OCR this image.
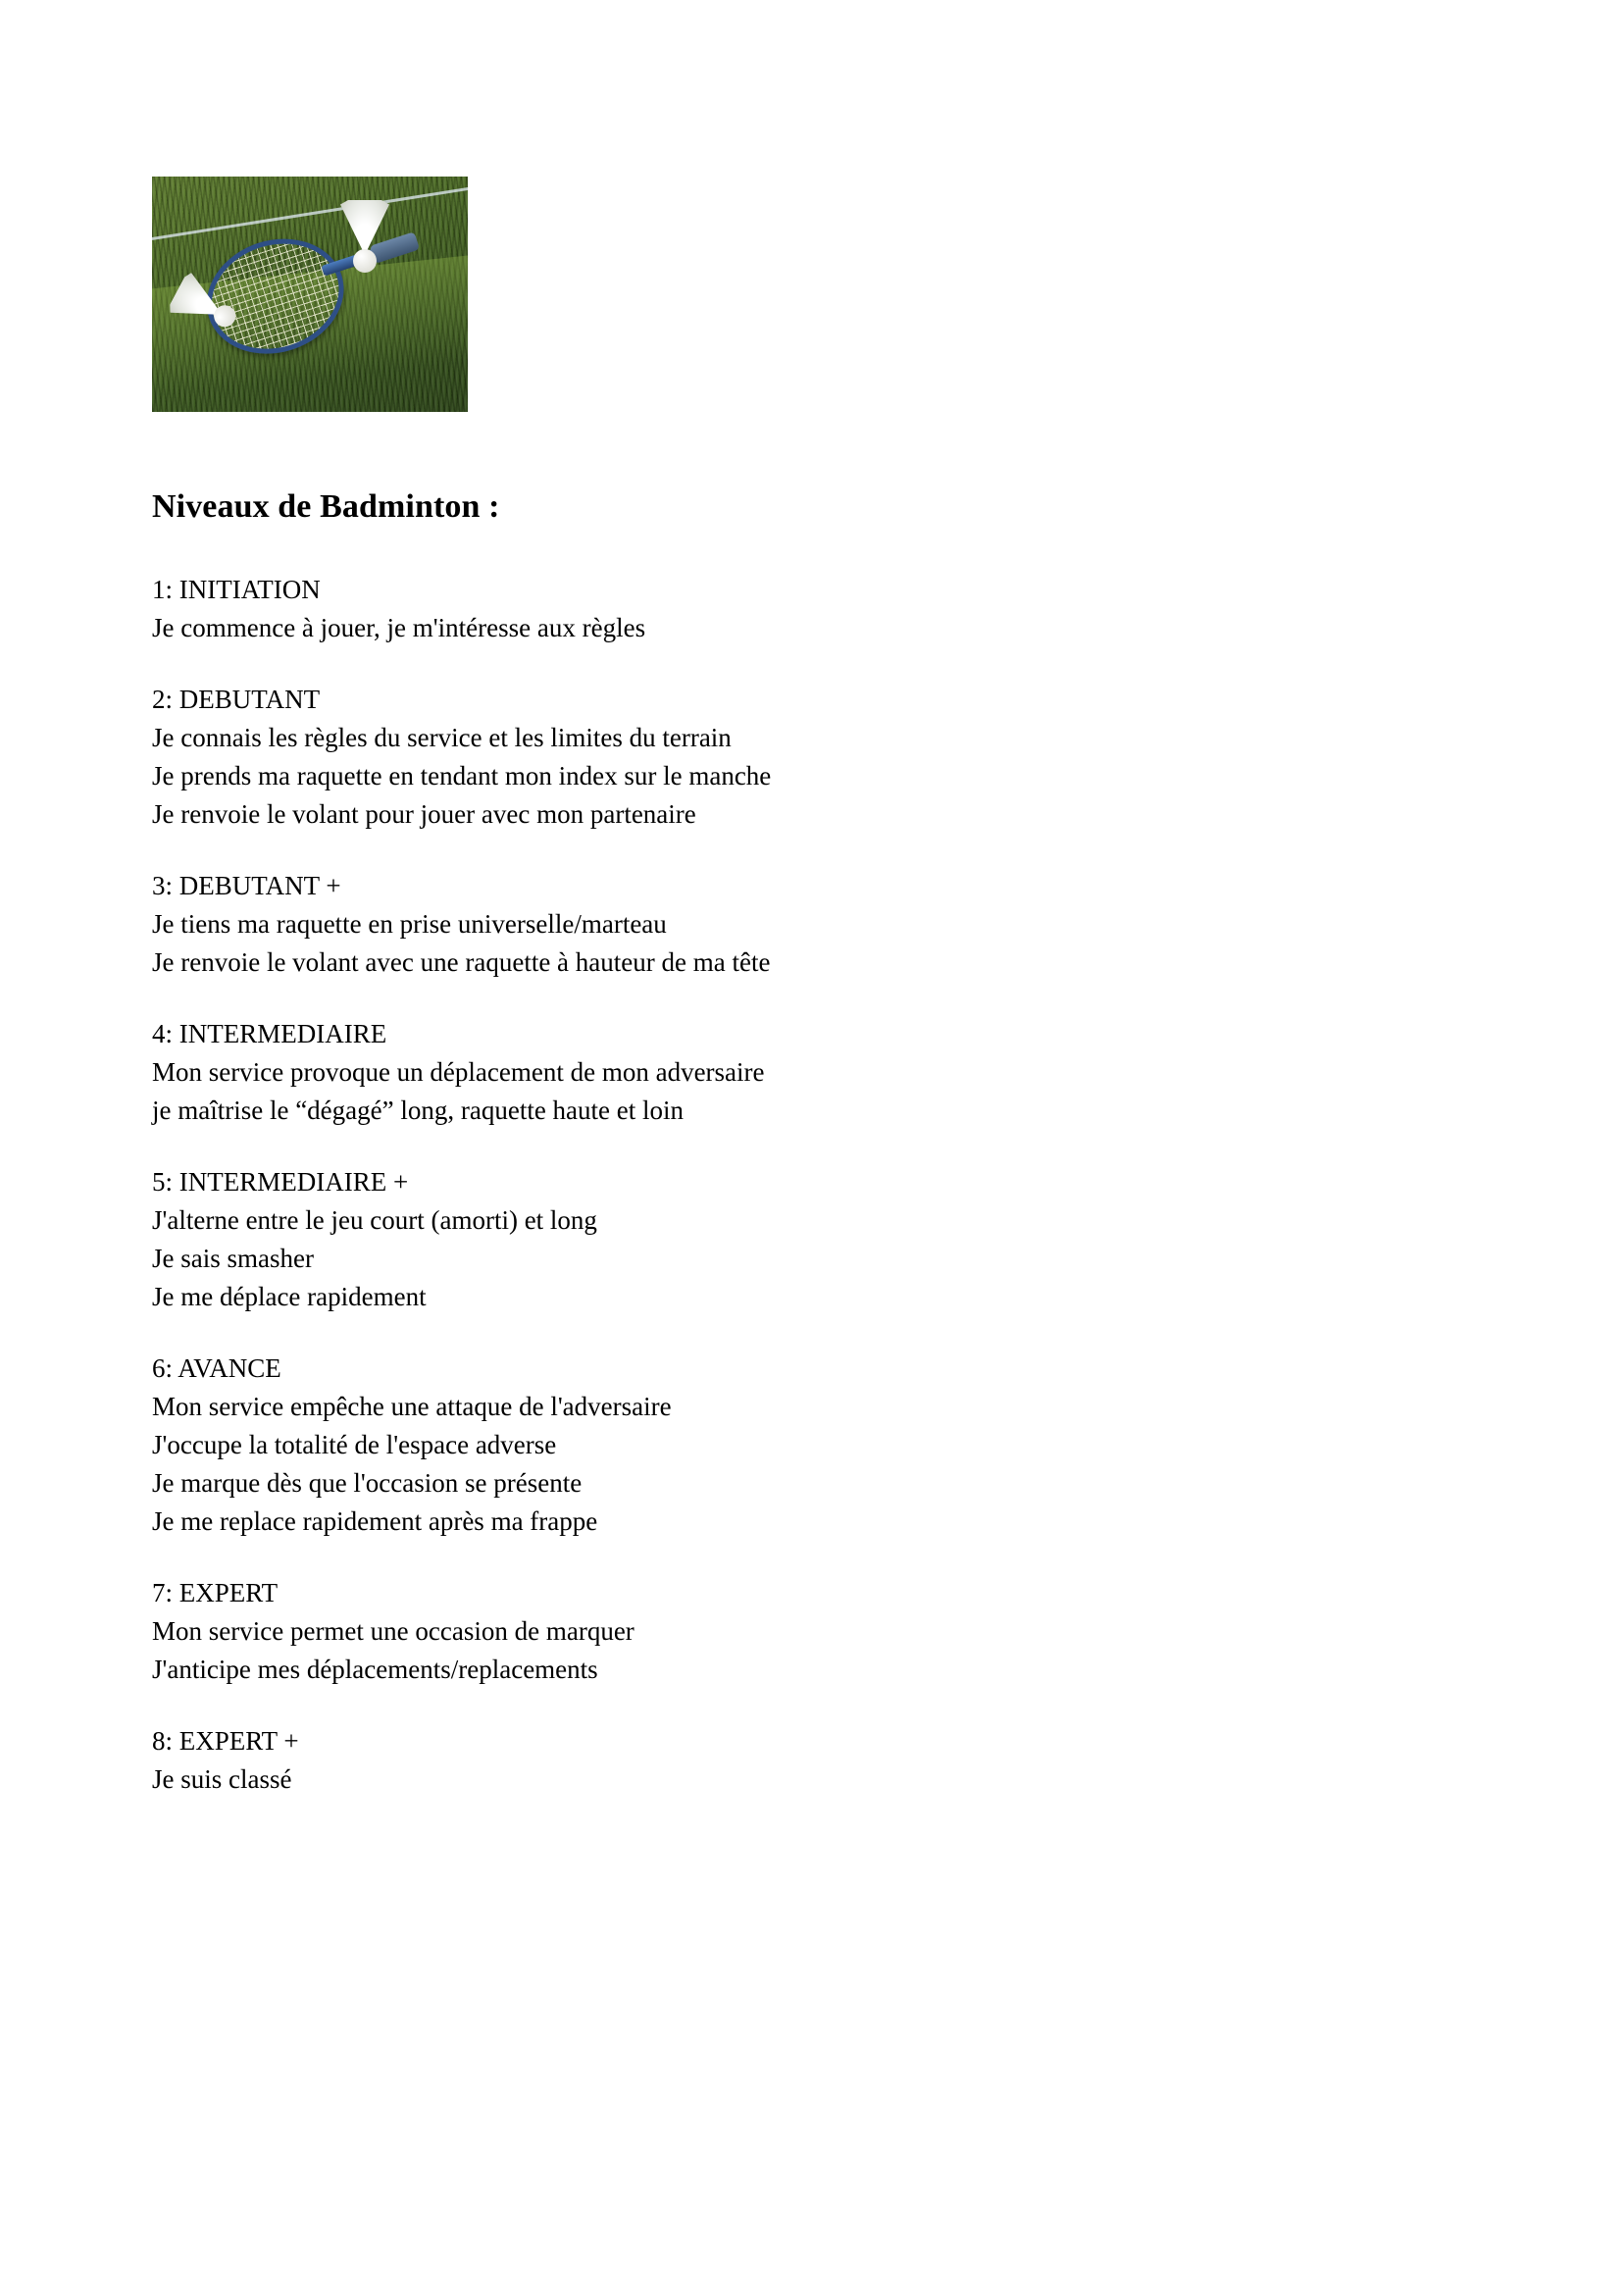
Niveaux de Badminton :

1: INITIATION

Je commence à jouer, je m'intéresse aux règles

2: DEBUTANT

Je connais les règles du service et les limites du terrain

Je prends ma raquette en tendant mon index sur le manche

Je renvoie le volant pour jouer avec mon partenaire

3: DEBUTANT +

Je tiens ma raquette en prise universelle/marteau

Je renvoie le volant avec une raquette à hauteur de ma tête

4: INTERMEDIAIRE

Mon service provoque un déplacement de mon adversaire

je maîtrise le “dégagé” long, raquette haute et loin

5: INTERMEDIAIRE +

J'alterne entre le jeu court (amorti) et long

Je sais smasher

Je me déplace rapidement

6: AVANCE

Mon service empêche une attaque de l'adversaire

J'occupe la totalité de l'espace adverse

Je marque dès que l'occasion se présente

Je me replace rapidement après ma frappe

7: EXPERT

Mon service permet une occasion de marquer

J'anticipe mes déplacements/replacements

8: EXPERT +

Je suis classé
